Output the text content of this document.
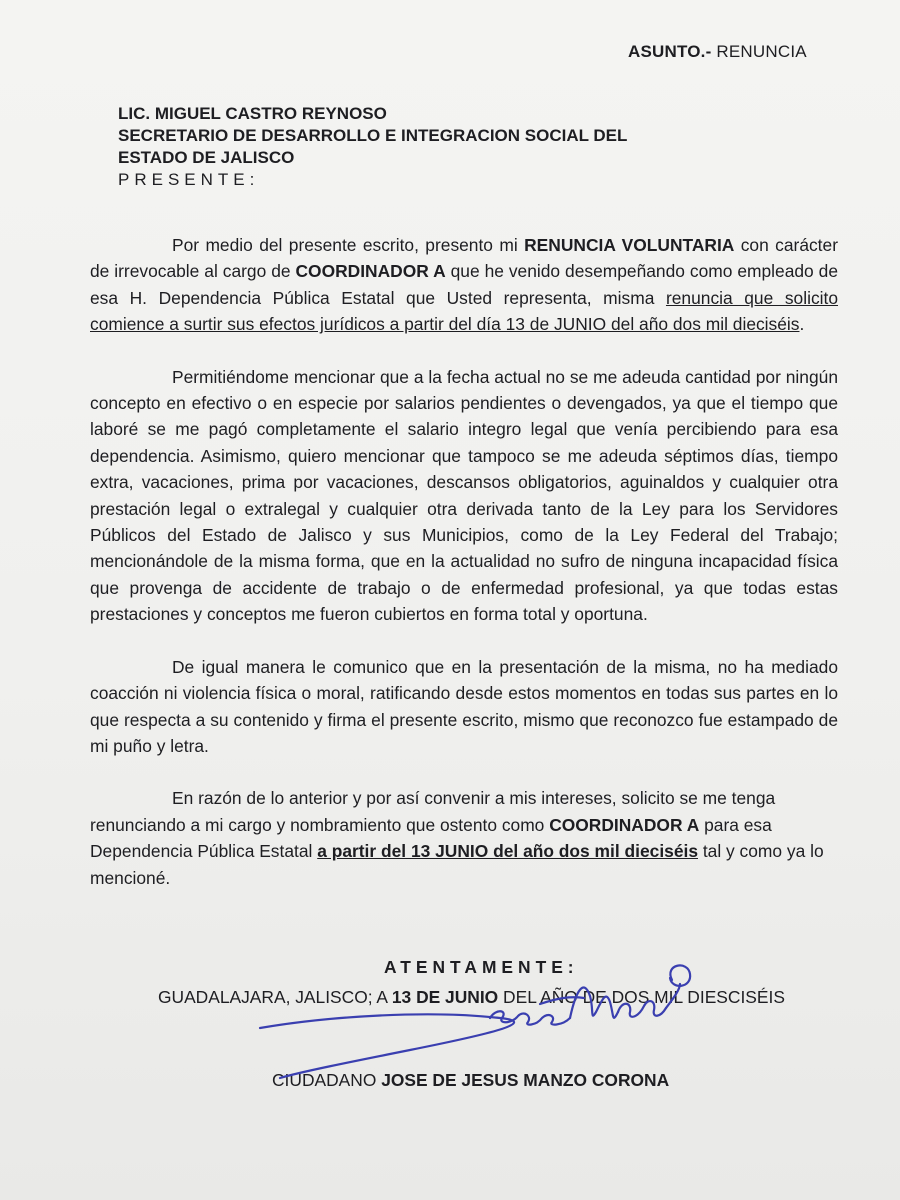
ASUNTO.- RENUNCIA
LIC. MIGUEL CASTRO REYNOSO
SECRETARIO DE DESARROLLO E INTEGRACION SOCIAL DEL
ESTADO DE JALISCO
PRESENTE:

Por medio del presente escrito, presento mi RENUNCIA VOLUNTARIA con carácter de irrevocable al cargo de COORDINADOR A que he venido desempeñando como empleado de esa H. Dependencia Pública Estatal que Usted representa, misma renuncia que solicito comience a surtir sus efectos jurídicos a partir del día 13 de JUNIO del año dos mil dieciséis.

Permitiéndome mencionar que a la fecha actual no se me adeuda cantidad por ningún concepto en efectivo o en especie por salarios pendientes o devengados, ya que el tiempo que laboré se me pagó completamente el salario integro legal que venía percibiendo para esa dependencia. Asimismo, quiero mencionar que tampoco se me adeuda séptimos días, tiempo extra, vacaciones, prima por vacaciones, descansos obligatorios, aguinaldos y cualquier otra prestación legal o extralegal y cualquier otra derivada tanto de la Ley para los Servidores Públicos del Estado de Jalisco y sus Municipios, como de la Ley Federal del Trabajo; mencionándole de la misma forma, que en la actualidad no sufro de ninguna incapacidad física que provenga de accidente de trabajo o de enfermedad profesional, ya que todas estas prestaciones y conceptos me fueron cubiertos en forma total y oportuna.

De igual manera le comunico que en la presentación de la misma, no ha mediado coacción ni violencia física o moral, ratificando desde estos momentos en todas sus partes en lo que respecta a su contenido y firma el presente escrito, mismo que reconozco fue estampado de mi puño y letra.

En razón de lo anterior y por así convenir a mis intereses, solicito se me tenga renunciando a mi cargo y nombramiento que ostento como COORDINADOR A para esa Dependencia Pública Estatal a partir del 13 JUNIO del año dos mil dieciséis tal y como ya lo mencioné.

ATENTAMENTE:
GUADALAJARA, JALISCO; A 13 DE JUNIO DEL AÑO DE DOS MIL DIESCISÉIS
CIUDADANO JOSE DE JESUS MANZO CORONA
